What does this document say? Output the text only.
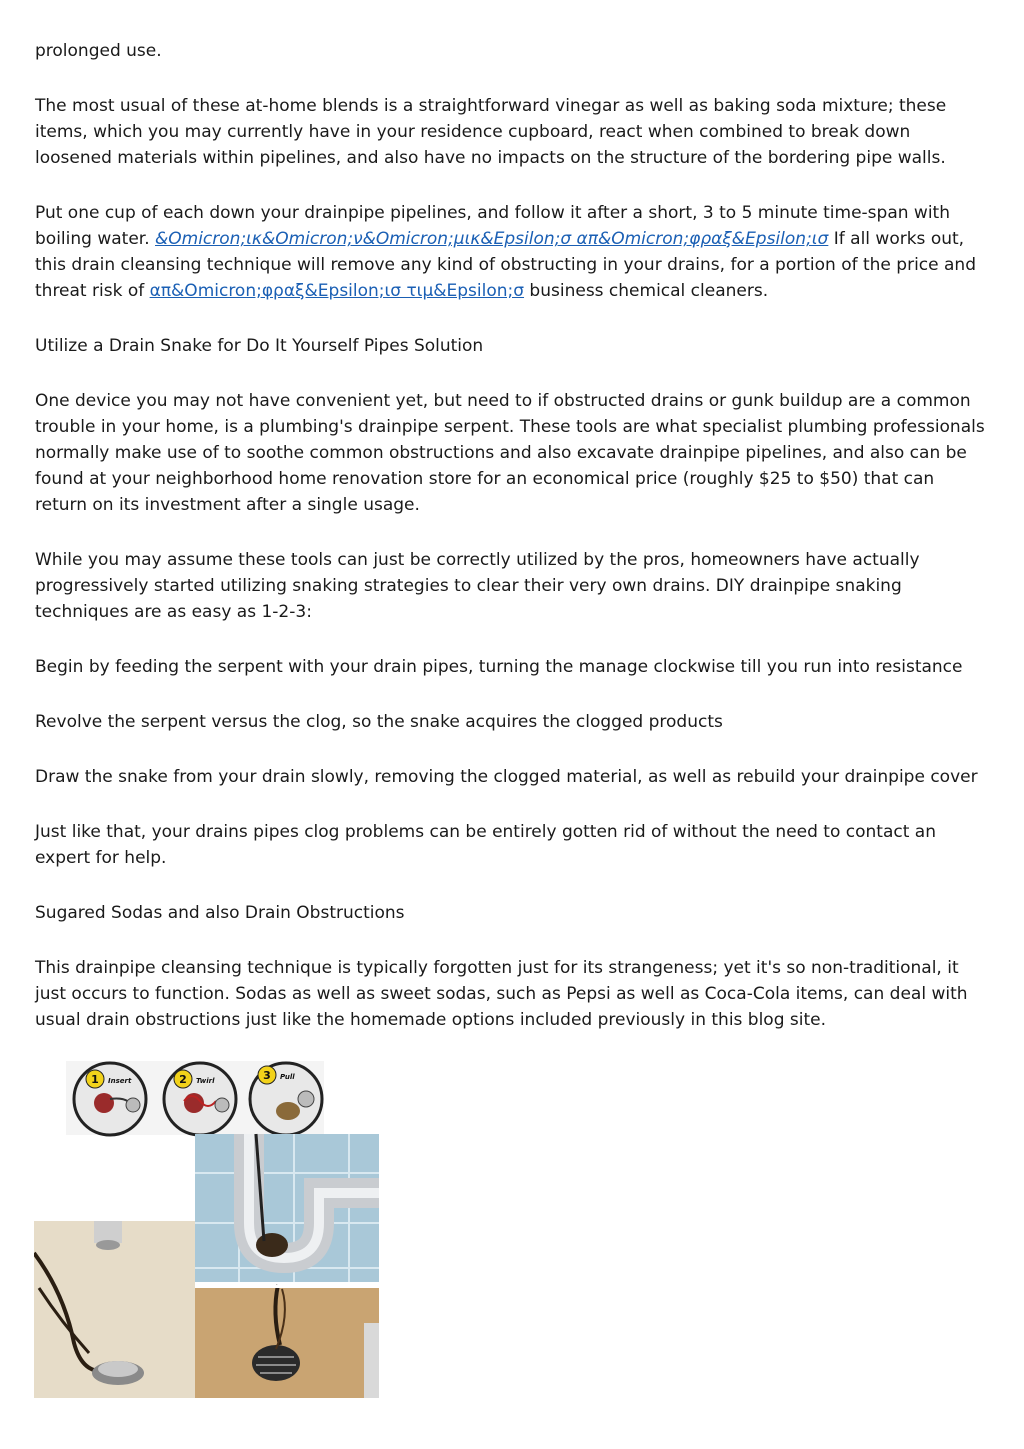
prolonged use.

The most usual of these at-home blends is a straightforward vinegar as well as baking soda mixture; these items, which you may currently have in your residence cupboard, react when combined to break down loosened materials within pipelines, and also have no impacts on the structure of the bordering pipe walls.

Put one cup of each down your drainpipe pipelines, and follow it after a short, 3 to 5 minute time-span with boiling water. &Omicron;ικ&Omicron;ν&Omicron;μικ&Epsilon;σ απ&Omicron;φραξ&Epsilon;ισ If all works out, this drain cleansing technique will remove any kind of obstructing in your drains, for a portion of the price and threat risk of απ&Omicron;φραξ&Epsilon;ισ τιμ&Epsilon;σ business chemical cleaners.

Utilize a Drain Snake for Do It Yourself Pipes Solution

One device you may not have convenient yet, but need to if obstructed drains or gunk buildup are a common trouble in your home, is a plumbing's drainpipe serpent. These tools are what specialist plumbing professionals normally make use of to soothe common obstructions and also excavate drainpipe pipelines, and also can be found at your neighborhood home renovation store for an economical price (roughly $25 to $50) that can return on its investment after a single usage.

While you may assume these tools can just be correctly utilized by the pros, homeowners have actually progressively started utilizing snaking strategies to clear their very own drains. DIY drainpipe snaking techniques are as easy as 1-2-3:

Begin by feeding the serpent with your drain pipes, turning the manage clockwise till you run into resistance

Revolve the serpent versus the clog, so the snake acquires the clogged products

Draw the snake from your drain slowly, removing the clogged material, as well as rebuild your drainpipe cover

Just like that, your drains pipes clog problems can be entirely gotten rid of without the need to contact an expert for help.

Sugared Sodas and also Drain Obstructions

This drainpipe cleansing technique is typically forgotten just for its strangeness; yet it's so non-traditional, it just occurs to function. Sodas as well as sweet sodas, such as Pepsi as well as Coca-Cola items, can deal with usual drain obstructions just like the homemade options included previously in this blog site.

1 Insert	2 Twirl	3 Pull
